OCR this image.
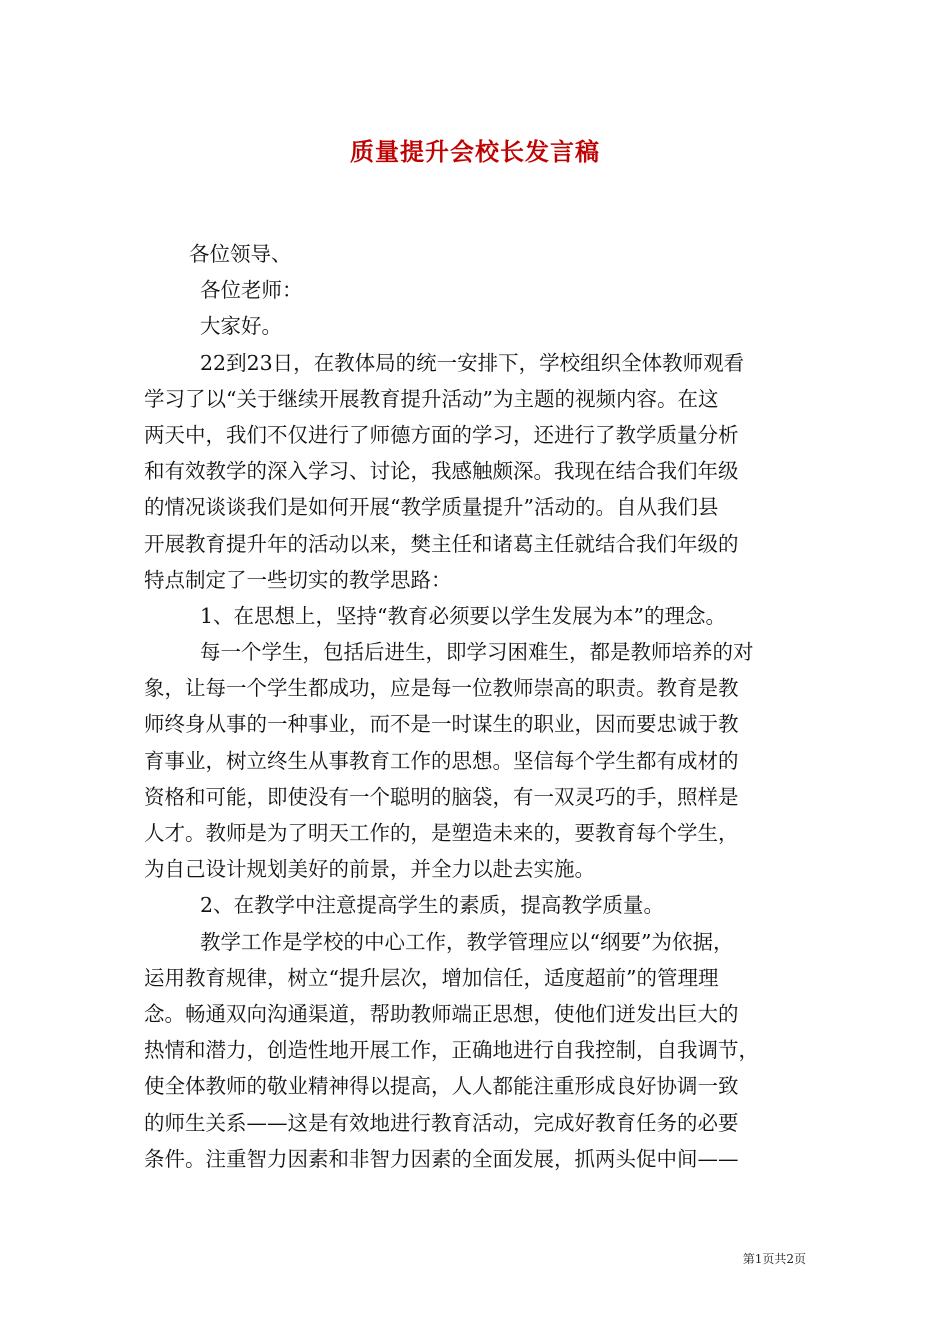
质量提升会校长发言稿
各位领导、
各位老师：
大家好。
22到23日，在教体局的统一安排下，学校组织全体教师观看
学习了以“关于继续开展教育提升活动”为主题的视频内容。在这
两天中，我们不仅进行了师德方面的学习，还进行了教学质量分析
和有效教学的深入学习、讨论，我感触颇深。我现在结合我们年级
的情况谈谈我们是如何开展“教学质量提升”活动的。自从我们县
开展教育提升年的活动以来，樊主任和诸葛主任就结合我们年级的
特点制定了一些切实的教学思路：
1、在思想上，坚持“教育必须要以学生发展为本”的理念。
每一个学生，包括后进生，即学习困难生，都是教师培养的对
象，让每一个学生都成功，应是每一位教师崇高的职责。教育是教
师终身从事的一种事业，而不是一时谋生的职业，因而要忠诚于教
育事业，树立终生从事教育工作的思想。坚信每个学生都有成材的
资格和可能，即使没有一个聪明的脑袋，有一双灵巧的手，照样是
人才。教师是为了明天工作的，是塑造未来的，要教育每个学生，
为自己设计规划美好的前景，并全力以赴去实施。
2、在教学中注意提高学生的素质，提高教学质量。
教学工作是学校的中心工作，教学管理应以“纲要”为依据，
运用教育规律，树立“提升层次，增加信任，适度超前”的管理理
念。畅通双向沟通渠道，帮助教师端正思想，使他们迸发出巨大的
热情和潜力，创造性地开展工作，正确地进行自我控制，自我调节，
使全体教师的敬业精神得以提高，人人都能注重形成良好协调一致
的师生关系——这是有效地进行教育活动，完成好教育任务的必要
条件。注重智力因素和非智力因素的全面发展，抓两头促中间——
第1页共2页
